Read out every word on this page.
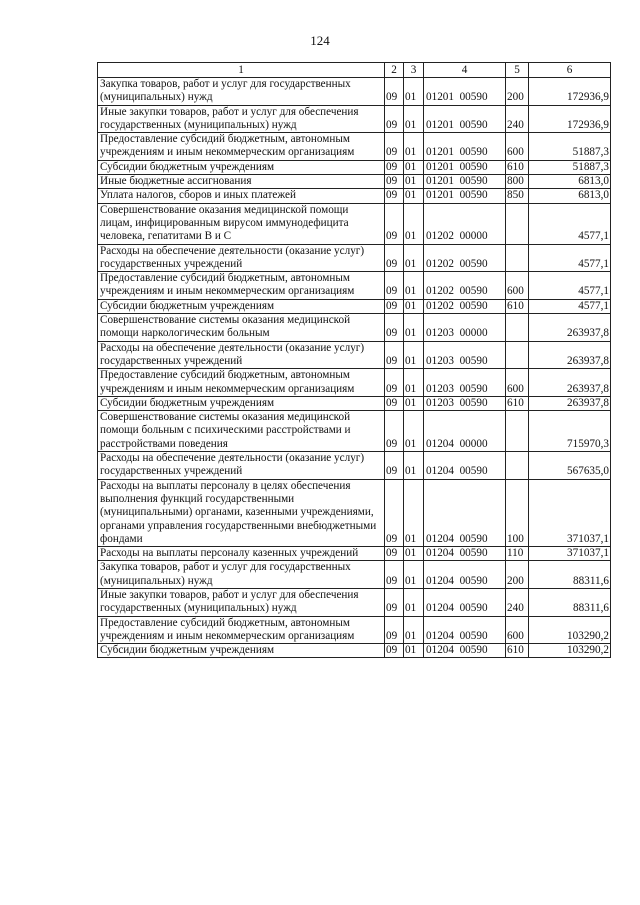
124
1	2	3	4	5	6
Закупка товаров, работ и услуг для государственных (муниципальных) нужд	09	01	01201  00590	200	172936,9
Иные закупки товаров, работ и услуг для обеспечения государственных (муниципальных) нужд	09	01	01201  00590	240	172936,9
Предоставление субсидий бюджетным, автономным учреждениям и иным некоммерческим организациям	09	01	01201  00590	600	51887,3
Субсидии бюджетным учреждениям	09	01	01201  00590	610	51887,3
Иные бюджетные ассигнования	09	01	01201  00590	800	6813,0
Уплата налогов, сборов и иных платежей	09	01	01201  00590	850	6813,0
Совершенствование оказания медицинской помощи лицам, инфицированным вирусом иммунодефицита человека, гепатитами В и С	09	01	01202  00000		4577,1
Расходы на обеспечение деятельности (оказание услуг) государственных учреждений	09	01	01202  00590		4577,1
Предоставление субсидий бюджетным, автономным учреждениям и иным некоммерческим организациям	09	01	01202  00590	600	4577,1
Субсидии бюджетным учреждениям	09	01	01202  00590	610	4577,1
Совершенствование системы оказания медицинской помощи наркологическим больным	09	01	01203  00000		263937,8
Расходы на обеспечение деятельности (оказание услуг) государственных учреждений	09	01	01203  00590		263937,8
Предоставление субсидий бюджетным, автономным учреждениям и иным некоммерческим организациям	09	01	01203  00590	600	263937,8
Субсидии бюджетным учреждениям	09	01	01203  00590	610	263937,8
Совершенствование системы оказания медицинской помощи больным с психическими расстройствами и расстройствами поведения	09	01	01204  00000		715970,3
Расходы на обеспечение деятельности (оказание услуг) государственных учреждений	09	01	01204  00590		567635,0
Расходы на выплаты персоналу в целях обеспечения выполнения функций государственными (муниципальными) органами, казенными учреждениями, органами управления государственными внебюджетными фондами	09	01	01204  00590	100	371037,1
Расходы на выплаты персоналу казенных учреждений	09	01	01204  00590	110	371037,1
Закупка товаров, работ и услуг для государственных (муниципальных) нужд	09	01	01204  00590	200	88311,6
Иные закупки товаров, работ и услуг для обеспечения государственных (муниципальных) нужд	09	01	01204  00590	240	88311,6
Предоставление субсидий бюджетным, автономным учреждениям и иным некоммерческим организациям	09	01	01204  00590	600	103290,2
Субсидии бюджетным учреждениям	09	01	01204  00590	610	103290,2
